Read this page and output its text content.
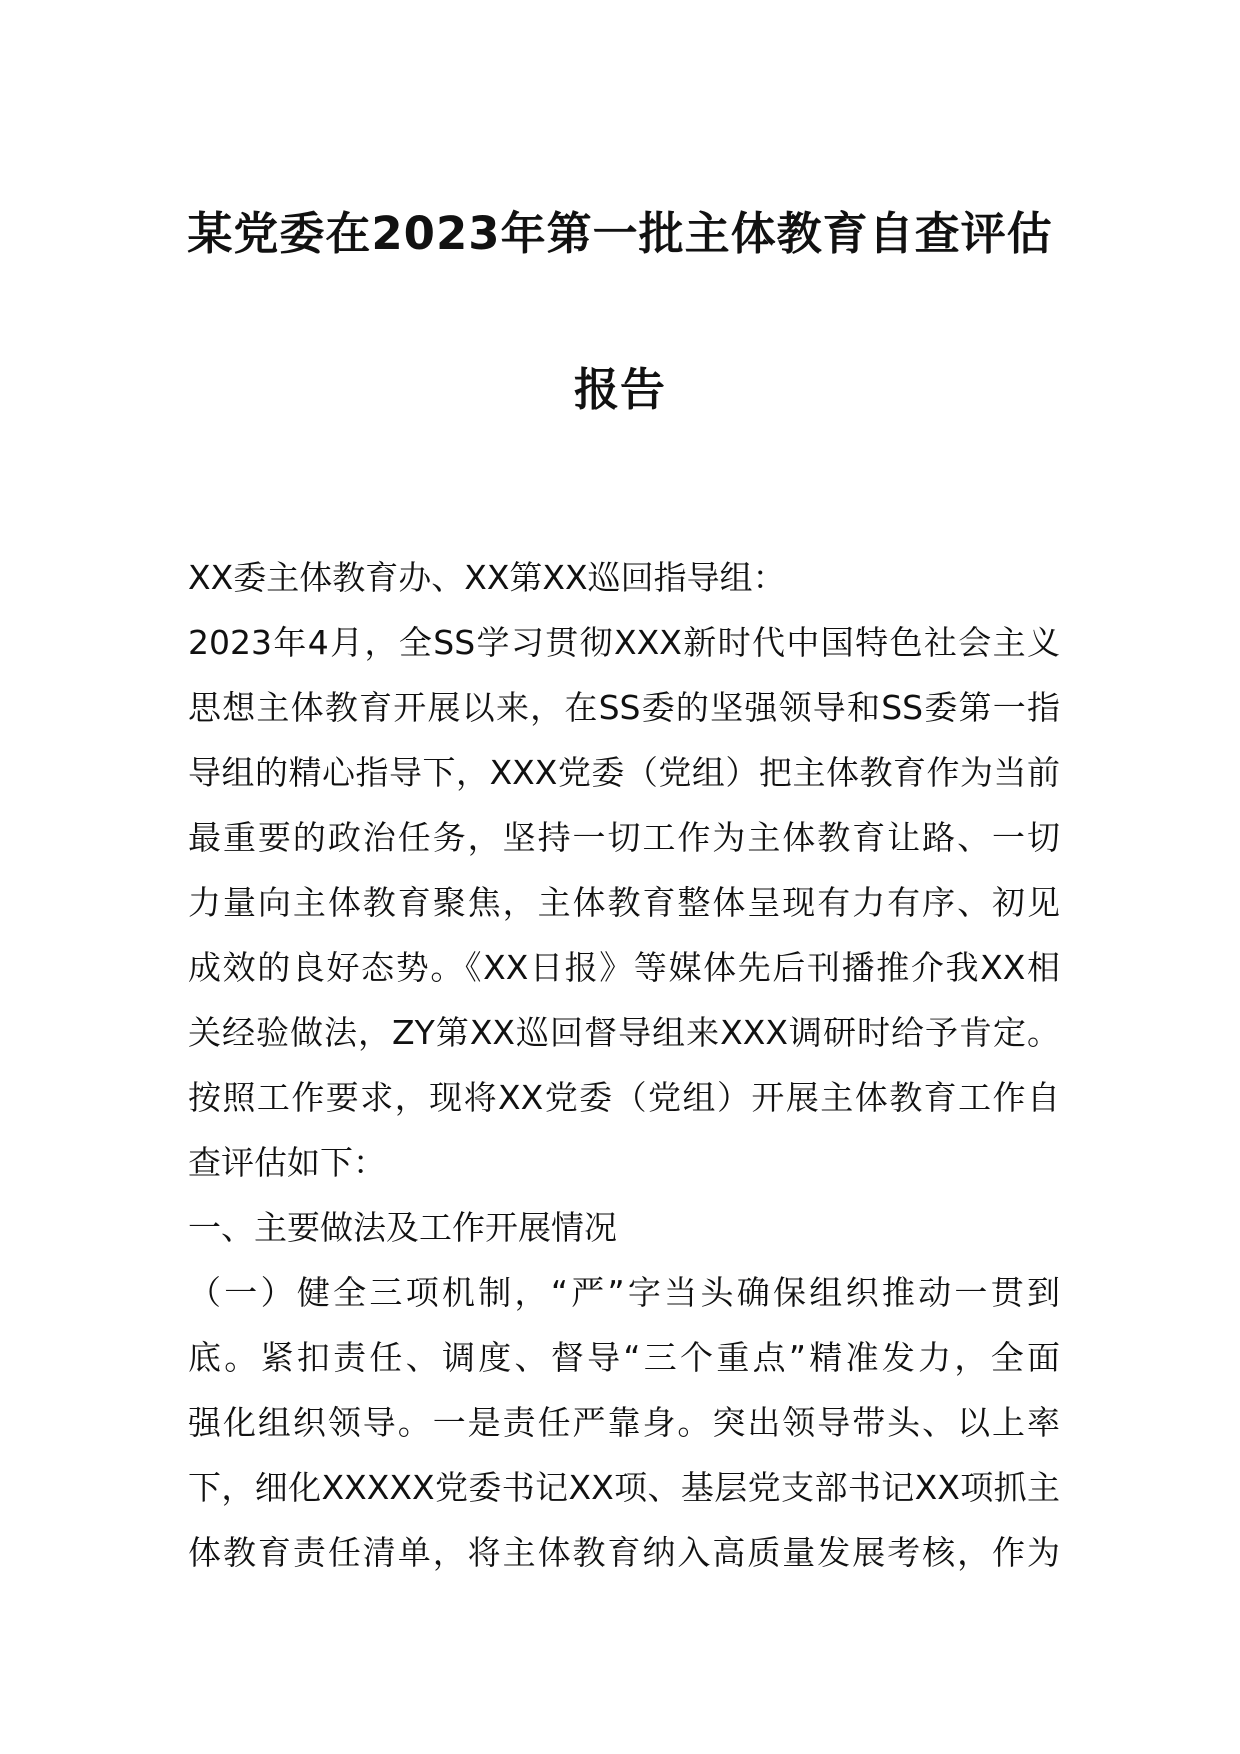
某党委在2023年第一批主体教育自查评估
报告
XX委主体教育办、XX第XX巡回指导组：
2023年4月，全SS学习贯彻XXX新时代中国特色社会主义
思想主体教育开展以来，在SS委的坚强领导和SS委第一指
导组的精心指导下，XXX党委（党组）把主体教育作为当前
最重要的政治任务，坚持一切工作为主体教育让路、一切
力量向主体教育聚焦，主体教育整体呈现有力有序、初见
成效的良好态势。《XX日报》等媒体先后刊播推介我XX相
关经验做法，ZY第XX巡回督导组来XXX调研时给予肯定。
按照工作要求，现将XX党委（党组）开展主体教育工作自
查评估如下：
一、主要做法及工作开展情况
（一）健全三项机制，“严”字当头确保组织推动一贯到
底。紧扣责任、调度、督导“三个重点”精准发力，全面
强化组织领导。一是责任严靠身。突出领导带头、以上率
下，细化XXXXX党委书记XX项、基层党支部书记XX项抓主
体教育责任清单，将主体教育纳入高质量发展考核，作为
